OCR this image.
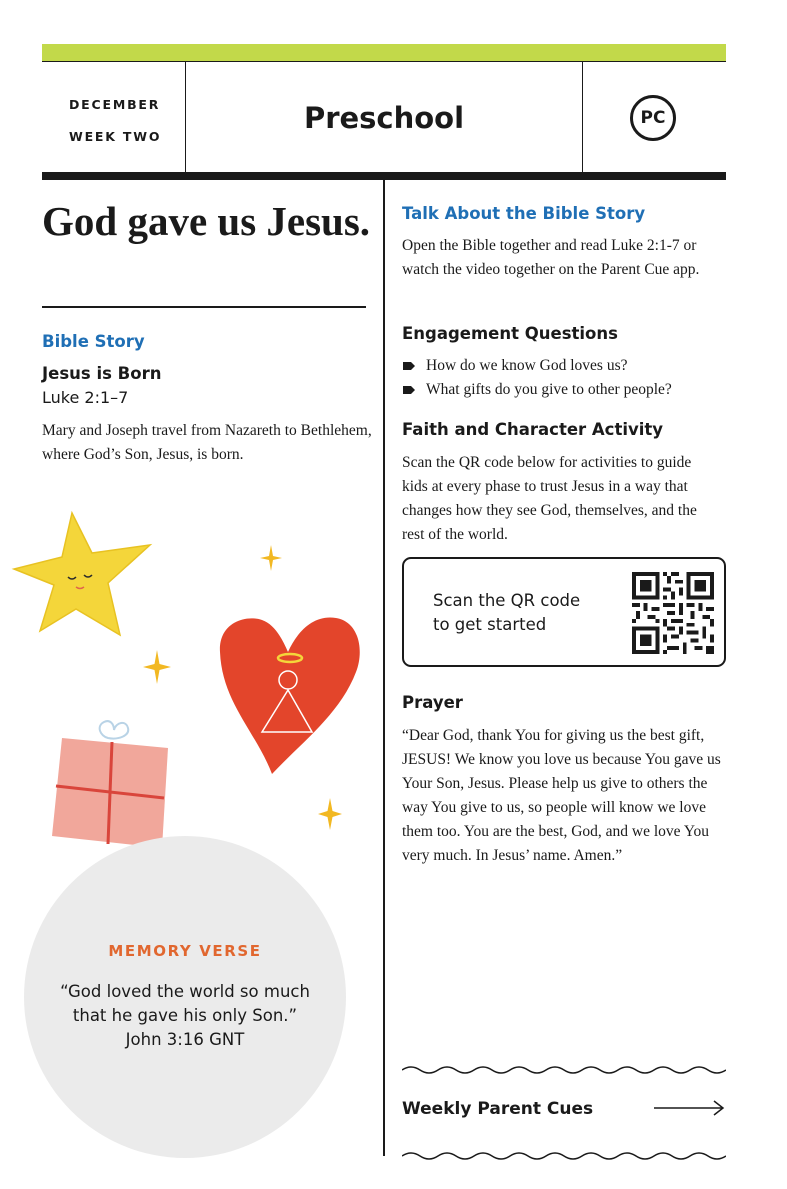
DECEMBER
WEEK TWO
Preschool	PC
God gave us Jesus.
Bible Story
Jesus is Born
Luke 2:1–7
Mary and Joseph travel from Nazareth to Bethlehem, where God’s Son, Jesus, is born.
MEMORY VERSE
“God loved the world so much
that he gave his only Son.”
John 3:16 GNT
Talk About the Bible Story
Open the Bible together and read Luke 2:1-7 or watch the video together on the Parent Cue app.
Engagement Questions
How do we know God loves us?
What gifts do you give to other people?
Faith and Character Activity
Scan the QR code below for activities to guide kids at every phase to trust Jesus in a way that changes how they see God, themselves, and the rest of the world.
Scan the QR code
to get started
Prayer
“Dear God, thank You for giving us the best gift, JESUS! We know you love us because You gave us Your Son, Jesus. Please help us give to others the way You give to us, so people will know we love them too. You are the best, God, and we love You very much. In Jesus’ name. Amen.”
Weekly Parent Cues
